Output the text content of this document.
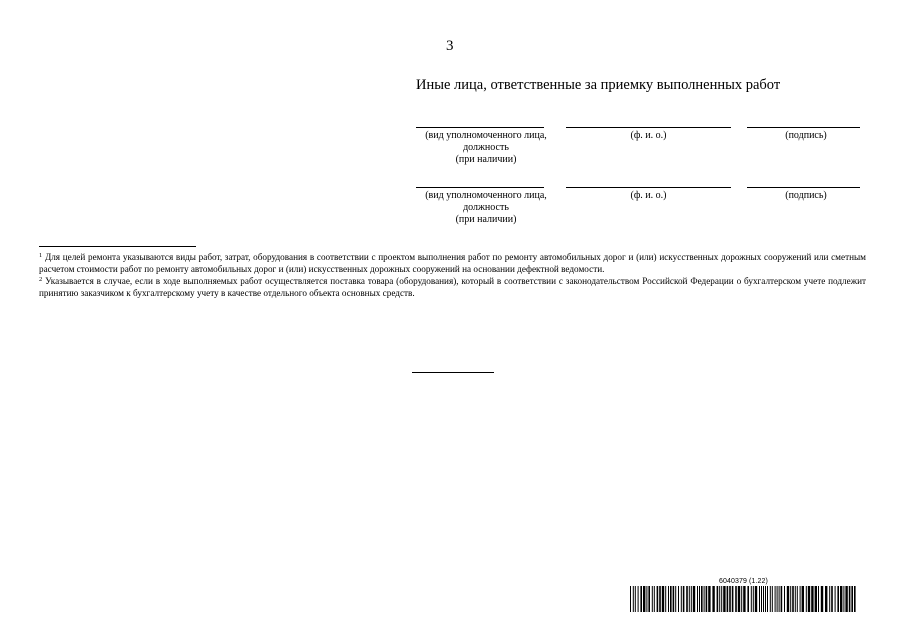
3
Иные лица, ответственные за приемку выполненных работ
(вид уполномоченного лица,
должность
(при наличии)
(ф. и. о.)	(подпись)
(вид уполномоченного лица,
должность
(при наличии)
(ф. и. о.)	(подпись)

$^1$ Для целей ремонта указываются виды работ, затрат, оборудования в соответствии с проектом выполнения работ по ремонту автомобильных дорог и (или) искусственных дорожных сооружений или сметным расчетом стоимости работ по ремонту автомобильных дорог и (или) искусственных дорожных сооружений на основании дефектной ведомости.

$^2$ Указывается в случае, если в ходе выполняемых работ осуществляется поставка товара (оборудования), который в соответствии с законодательством Российской Федерации о бухгалтерском учете подлежит принятию заказчиком к бухгалтерскому учету в качестве отдельного объекта основных средств.

6040379 (1.22)
